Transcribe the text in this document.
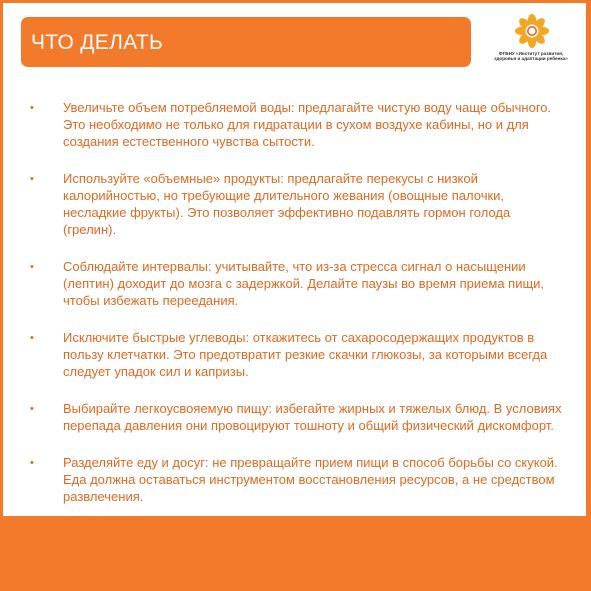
ЧТО ДЕЛАТЬ	ФГБНУ «Институт развития, здоровья и адаптации ребенка»
• Увеличьте объем потребляемой воды: предлагайте чистую воду чаще обычного. Это необходимо не только для гидратации в сухом воздухе кабины, но и для создания естественного чувства сытости.
• Используйте «объемные» продукты: предлагайте перекусы с низкой калорийностью, но требующие длительного жевания (овощные палочки, несладкие фрукты). Это позволяет эффективно подавлять гормон голода (грелин).
• Соблюдайте интервалы: учитывайте, что из-за стресса сигнал о насыщении (лептин) доходит до мозга с задержкой. Делайте паузы во время приема пищи, чтобы избежать переедания.
• Исключите быстрые углеводы: откажитесь от сахаросодержащих продуктов в пользу клетчатки. Это предотвратит резкие скачки глюкозы, за которыми всегда следует упадок сил и капризы.
• Выбирайте легкоусвояемую пищу: избегайте жирных и тяжелых блюд. В условиях перепада давления они провоцируют тошноту и общий физический дискомфорт.
• Разделяйте еду и досуг: не превращайте прием пищи в способ борьбы со скукой. Еда должна оставаться инструментом восстановления ресурсов, а не средством развлечения.
